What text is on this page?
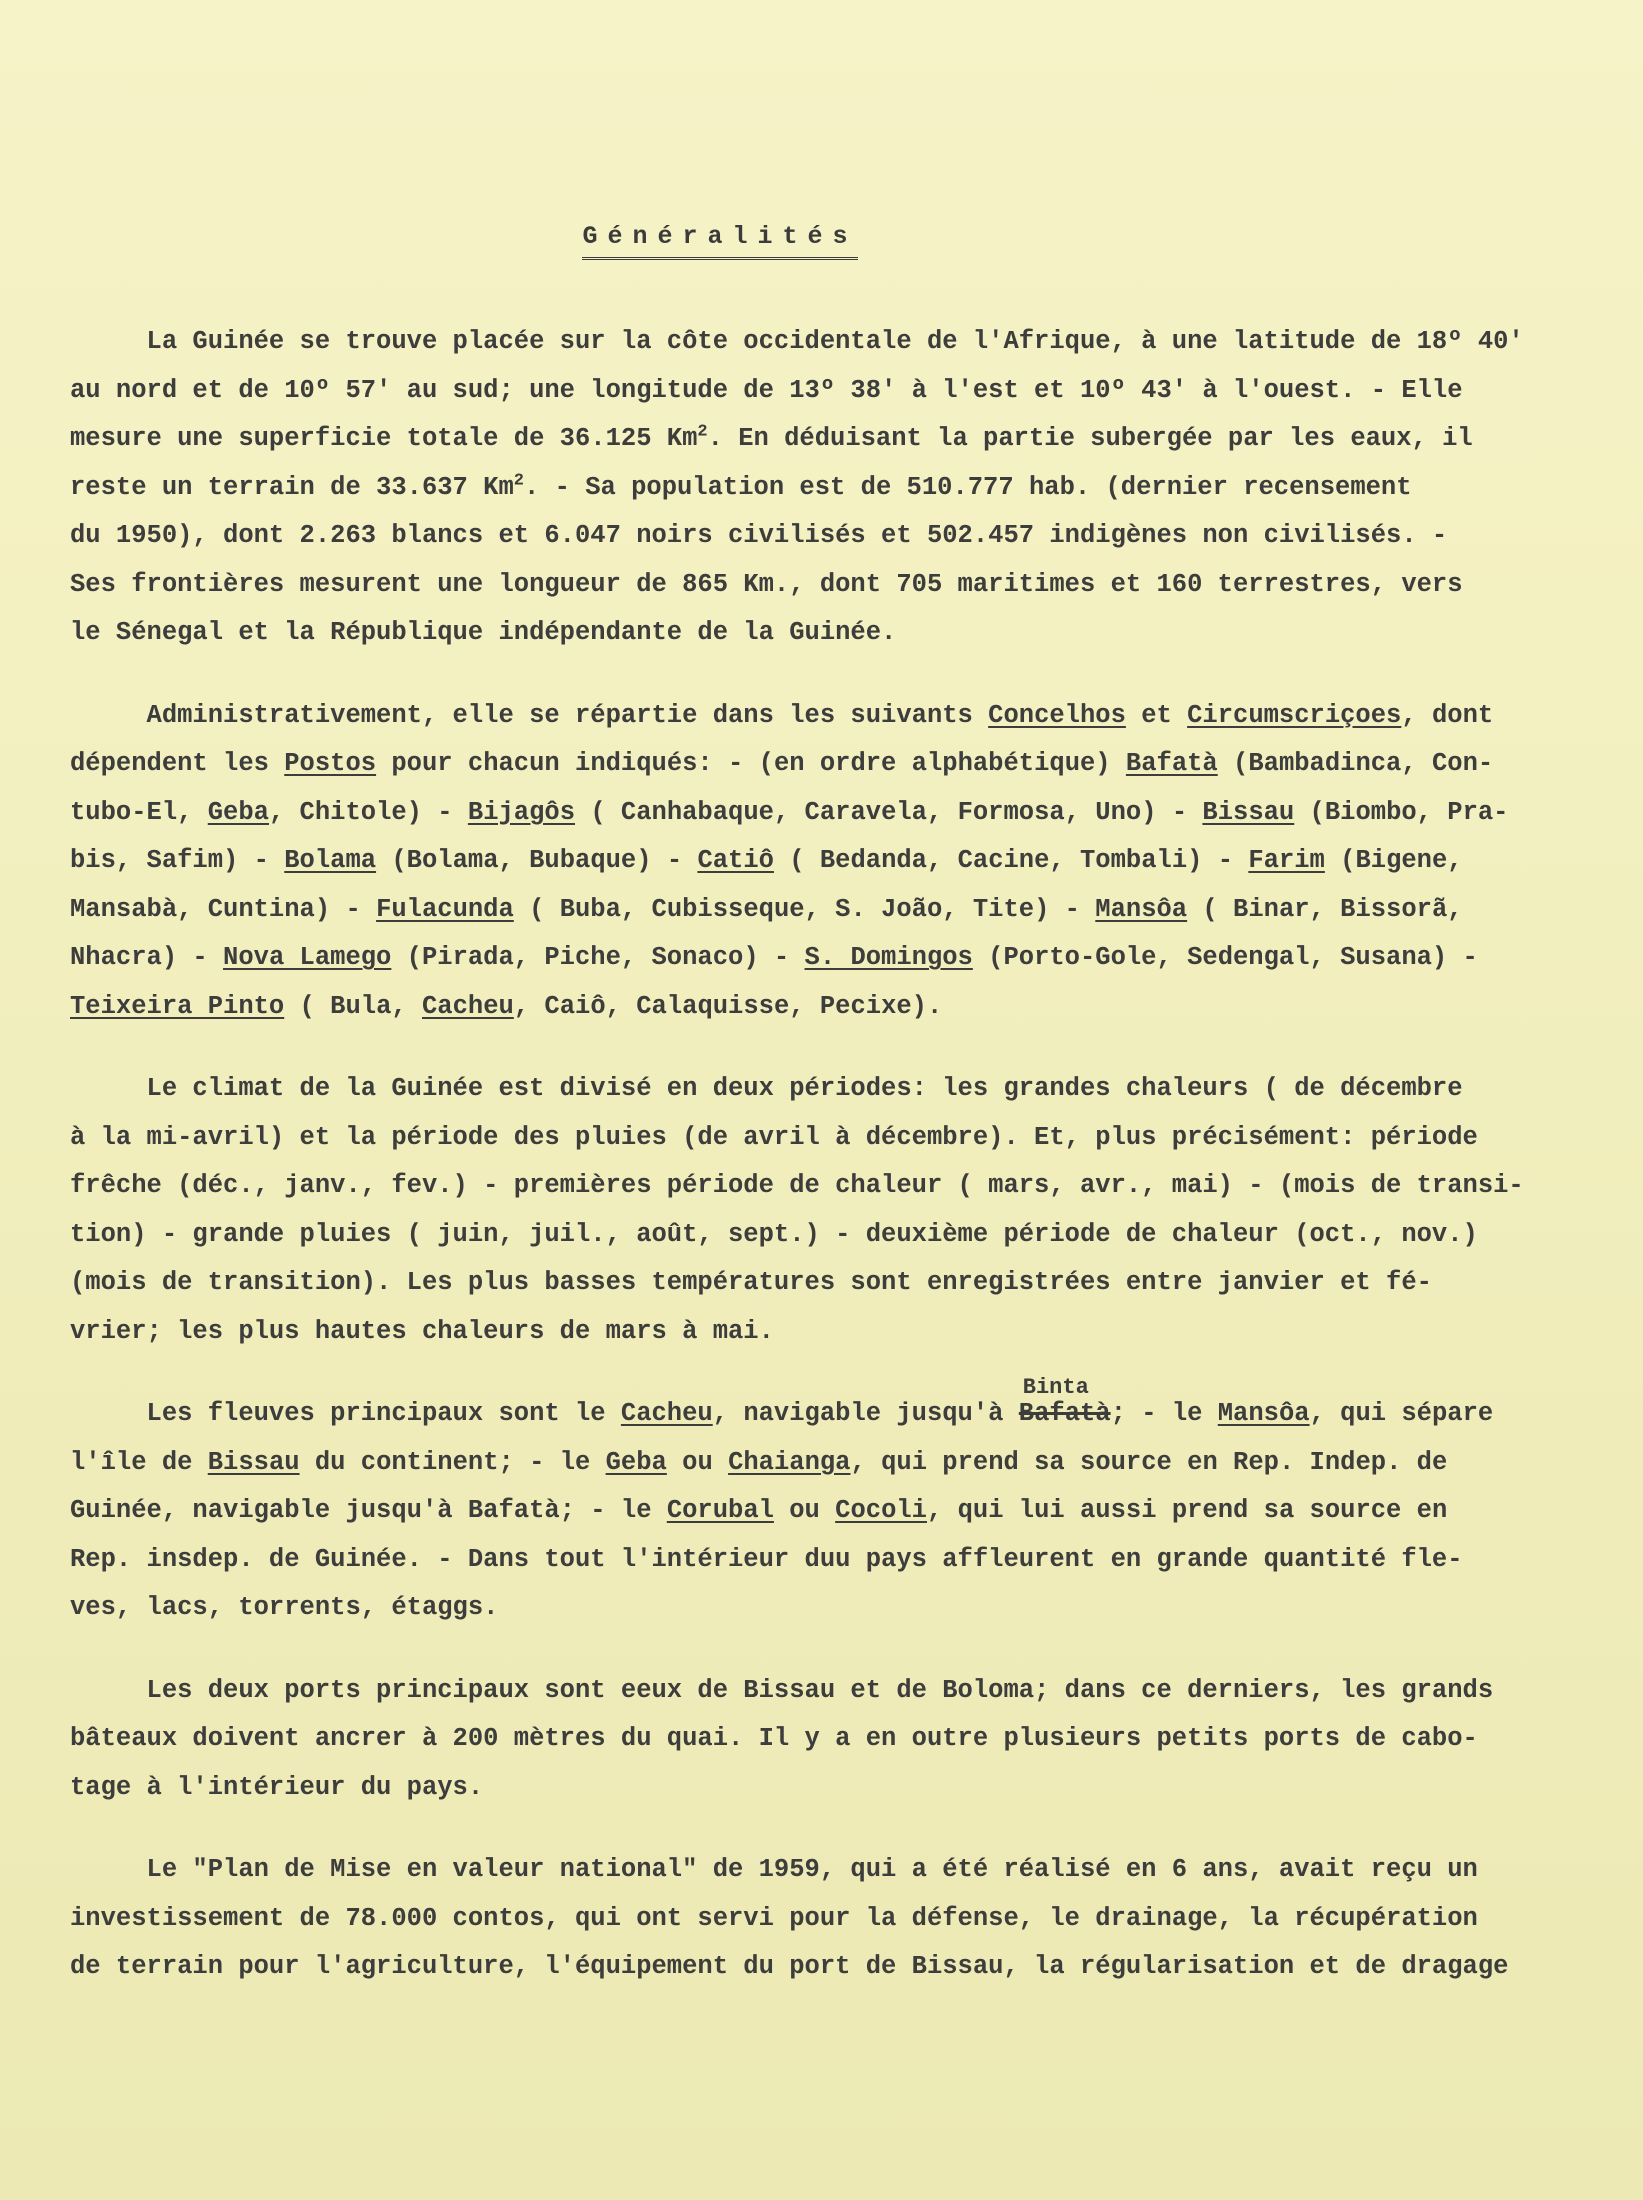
Généralités
La Guinée se trouve placée sur la côte occidentale de l'Afrique, à une latitude de 18º 40'
au nord et de 10º 57' au sud; une longitude de 13º 38' à l'est et 10º 43' à l'ouest. - Elle
mesure une superficie totale de 36.125 Km$^2$. En déduisant la partie subergée par les eaux, il
reste un terrain de 33.637 Km$^2$. - Sa population est de 510.777 hab. (dernier recensement
du 1950), dont 2.263 blancs et 6.047 noirs civilisés et 502.457 indigènes non civilisés. -
Ses frontières mesurent une longueur de 865 Km., dont 705 maritimes et 160 terrestres, vers
le Sénegal et la République indépendante de la Guinée.
Administrativement, elle se répartie dans les suivants Concelhos et Circumscriçoes, dont
dépendent les Postos pour chacun indiqués: - (en ordre alphabétique) Bafatà (Bambadinca, Con-
tubo-El, Geba, Chitole) - Bijagôs ( Canhabaque, Caravela, Formosa, Uno) - Bissau (Biombo, Pra-
bis, Safim) - Bolama (Bolama, Bubaque) - Catiô ( Bedanda, Cacine, Tombali) - Farim (Bigene,
Mansabà, Cuntina) - Fulacunda ( Buba, Cubisseque, S. João, Tite) - Mansôa ( Binar, Bissorã,
Nhacra) - Nova Lamego (Pirada, Piche, Sonaco) - S. Domingos (Porto-Gole, Sedengal, Susana) -
Teixeira Pinto ( Bula, Cacheu, Caiô, Calaquisse, Pecixe).
Le climat de la Guinée est divisé en deux périodes: les grandes chaleurs ( de décembre
à la mi-avril) et la période des pluies (de avril à décembre). Et, plus précisément: période
frêche (déc., janv., fev.) - premières période de chaleur ( mars, avr., mai) - (mois de transi-
tion) - grande pluies ( juin, juil., août, sept.) - deuxième période de chaleur (oct., nov.)
(mois de transition). Les plus basses températures sont enregistrées entre janvier et fé-
vrier; les plus hautes chaleurs de mars à mai.
Les fleuves principaux sont le Cacheu, navigable jusqu'à
Binta
Bafatà; - le Mansôa, qui sépare
l'île de Bissau du continent; - le Geba ou Chaianga, qui prend sa source en Rep. Indep. de
Guinée, navigable jusqu'à Bafatà; - le Corubal ou Cocoli, qui lui aussi prend sa source en
Rep. insdep. de Guinée. - Dans tout l'intérieur duu pays affleurent en grande quantité fle-
ves, lacs, torrents, étaggs.
Les deux ports principaux sont eeux de Bissau et de Boloma; dans ce derniers, les grands
bâteaux doivent ancrer à 200 mètres du quai. Il y a en outre plusieurs petits ports de cabo-
tage à l'intérieur du pays.
Le "Plan de Mise en valeur national" de 1959, qui a été réalisé en 6 ans, avait reçu un
investissement de 78.000 contos, qui ont servi pour la défense, le drainage, la récupération
de terrain pour l'agriculture, l'équipement du port de Bissau, la régularisation et de dragage
